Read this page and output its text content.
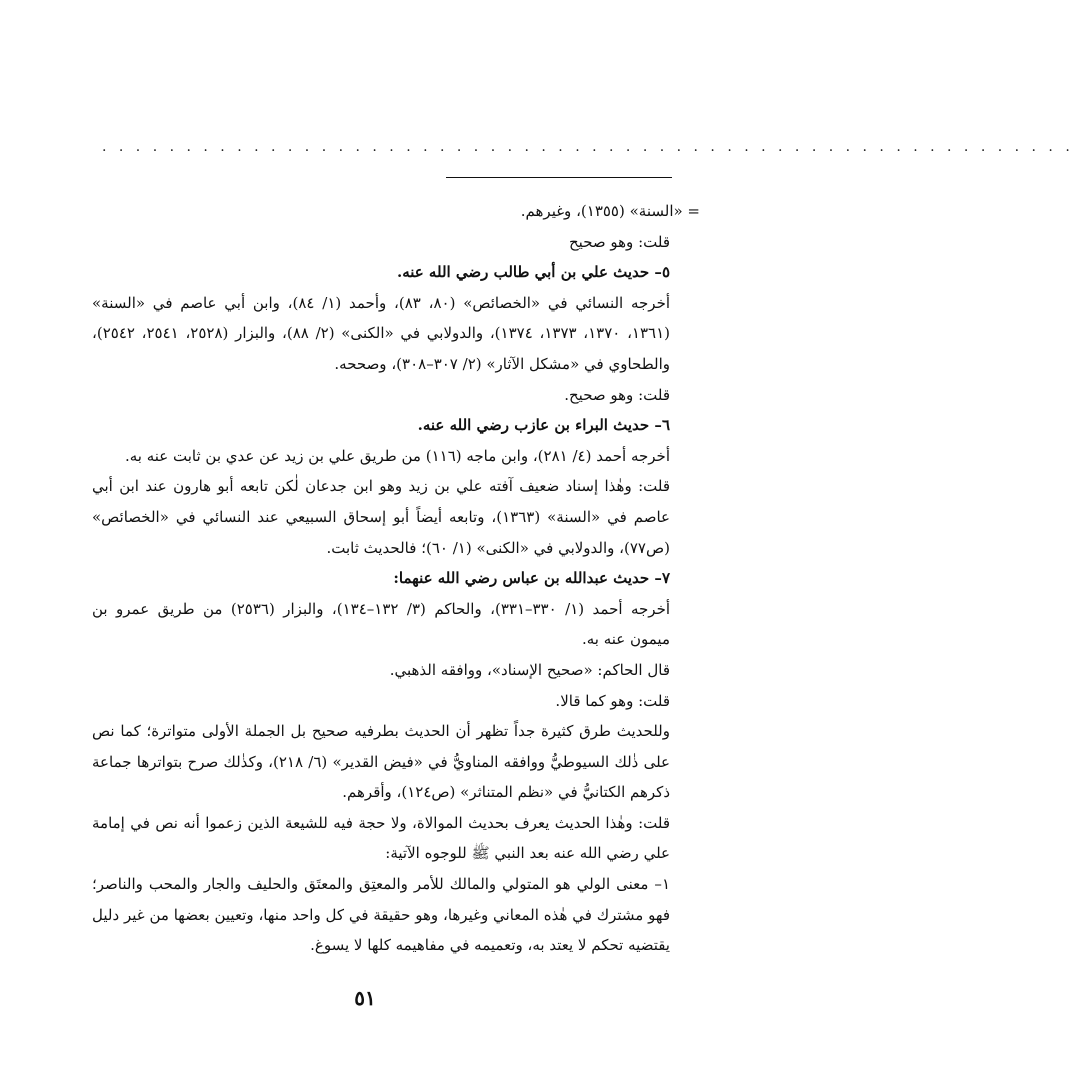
. . . . . . . . . . . . . . . . . . . . . . . . . . . . . . . . . . . . . . . . . . . . . . . . . . . . . . . . . .

= «السنة» (١٣٥٥)، وغيرهم.

قلت: وهو صحيح

٥– حديث علي بن أبي طالب رضي الله عنه.

أخرجه النسائي في «الخصائص» (٨٠، ٨٣)، وأحمد (١/ ٨٤)، وابن أبي عاصم في «السنة» (١٣٦١، ١٣٧٠، ١٣٧٣، ١٣٧٤)، والدولابي في «الكنى» (٢/ ٨٨)، والبزار (٢٥٢٨، ٢٥٤١، ٢٥٤٢)، والطحاوي في «مشكل الآثار» (٢/ ٣٠٧–٣٠٨)، وصححه.

قلت: وهو صحيح.

٦– حديث البراء بن عازب رضي الله عنه.

أخرجه أحمد (٤/ ٢٨١)، وابن ماجه (١١٦) من طريق علي بن زيد عن عدي بن ثابت عنه به.

قلت: وهٰذا إسناد ضعيف آفته علي بن زيد وهو ابن جدعان لٰكن تابعه أبو هارون عند ابن أبي عاصم في «السنة» (١٣٦٣)، وتابعه أيضاً أبو إسحاق السبيعي عند النسائي في «الخصائص» (ص٧٧)، والدولابي في «الكنى» (١/ ٦٠)؛ فالحديث ثابت.

٧– حديث عبدالله بن عباس رضي الله عنهما:

أخرجه أحمد (١/ ٣٣٠–٣٣١)، والحاكم (٣/ ١٣٢–١٣٤)، والبزار (٢٥٣٦) من طريق عمرو بن ميمون عنه به.

قال الحاكم: «صحيح الإسناد»، ووافقه الذهبي.

قلت: وهو كما قالا.

وللحديث طرق كثيرة جداً تظهر أن الحديث بطرفيه صحيح بل الجملة الأولى متواترة؛ كما نص على ذٰلك السيوطيُّ ووافقه المناويُّ في «فيض القدير» (٦/ ٢١٨)، وكذٰلك صرح بتواترها جماعة ذكرهم الكتانيُّ في «نظم المتناثر» (ص١٢٤)، وأقرهم.

قلت: وهٰذا الحديث يعرف بحديث الموالاة، ولا حجة فيه للشيعة الذين زعموا أنه نص في إمامة علي رضي الله عنه بعد النبي ﷺ للوجوه الآتية:

١– معنى الولي هو المتولي والمالك للأمر والمعتِق والمعتَق والحليف والجار والمحب والناصر؛ فهو مشترك في هٰذه المعاني وغيرها، وهو حقيقة في كل واحد منها، وتعيين بعضها من غير دليل يقتضيه تحكم لا يعتد به، وتعميمه في مفاهيمه كلها لا يسوغ.

٥١
